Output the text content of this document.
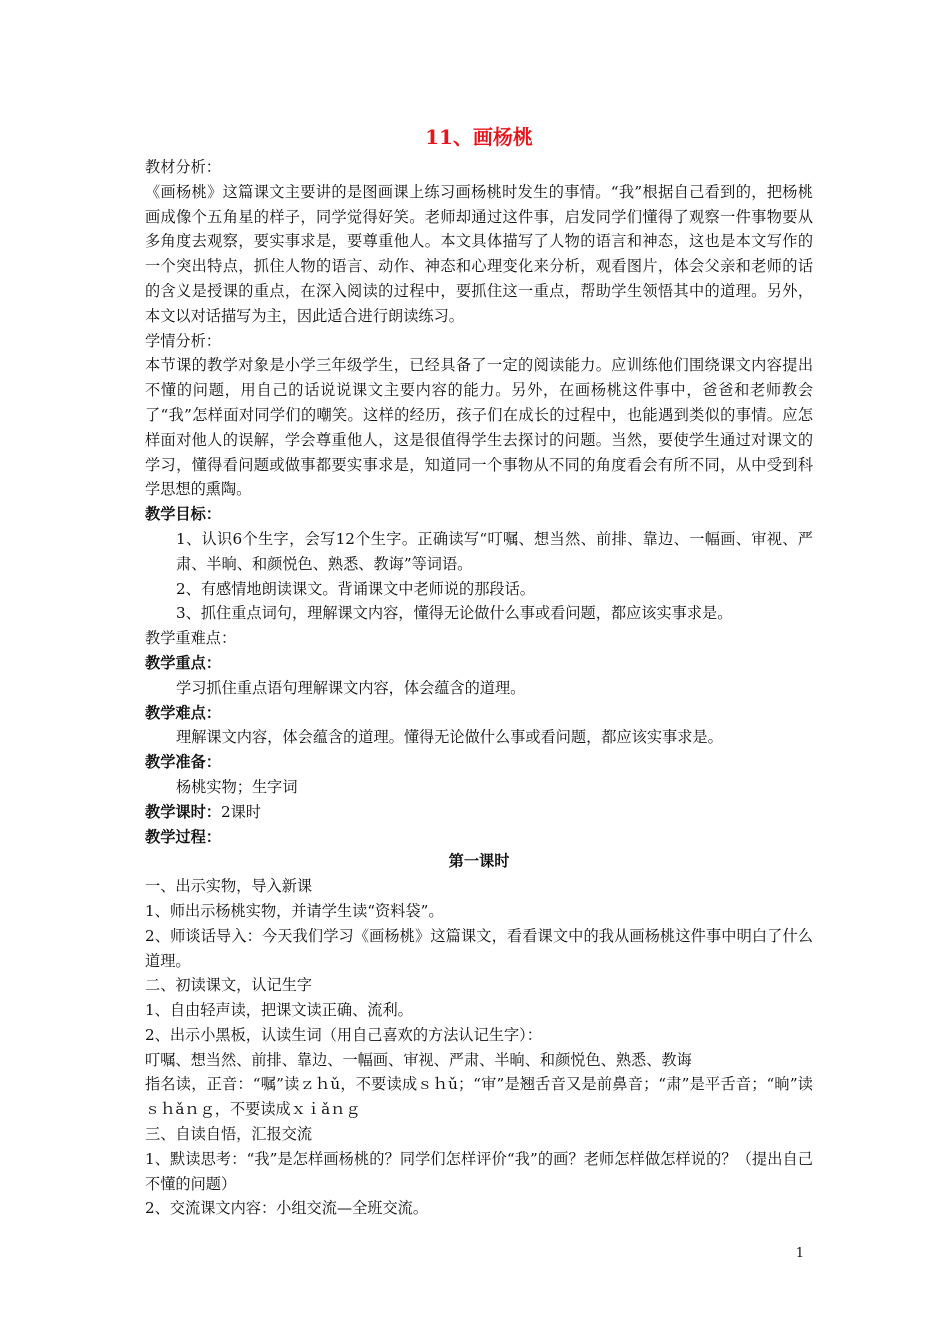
11、画杨桃

教材分析：

《画杨桃》这篇课文主要讲的是图画课上练习画杨桃时发生的事情。“我”根据自己看到的，把杨桃画成像个五角星的样子，同学觉得好笑。老师却通过这件事，启发同学们懂得了观察一件事物要从多角度去观察，要实事求是，要尊重他人。本文具体描写了人物的语言和神态，这也是本文写作的一个突出特点，抓住人物的语言、动作、神态和心理变化来分析，观看图片，体会父亲和老师的话的含义是授课的重点，在深入阅读的过程中，要抓住这一重点，帮助学生领悟其中的道理。另外，本文以对话描写为主，因此适合进行朗读练习。

学情分析：

本节课的教学对象是小学三年级学生，已经具备了一定的阅读能力。应训练他们围绕课文内容提出不懂的问题，用自己的话说说课文主要内容的能力。另外，在画杨桃这件事中，爸爸和老师教会了“我”怎样面对同学们的嘲笑。这样的经历，孩子们在成长的过程中，也能遇到类似的事情。应怎样面对他人的误解，学会尊重他人，这是很值得学生去探讨的问题。当然，要使学生通过对课文的学习，懂得看问题或做事都要实事求是，知道同一个事物从不同的角度看会有所不同，从中受到科学思想的熏陶。

教学目标：

1、认识6个生字，会写12个生字。正确读写“叮嘱、想当然、前排、靠边、一幅画、审视、严肃、半晌、和颜悦色、熟悉、教诲”等词语。

2、有感情地朗读课文。背诵课文中老师说的那段话。

3、抓住重点词句，理解课文内容，懂得无论做什么事或看问题，都应该实事求是。

教学重难点：

教学重点：

学习抓住重点语句理解课文内容，体会蕴含的道理。

教学难点：

理解课文内容，体会蕴含的道理。懂得无论做什么事或看问题，都应该实事求是。

教学准备：

杨桃实物；生字词

教学课时：2课时

教学过程：

第一课时

一、出示实物，导入新课

1、师出示杨桃实物，并请学生读“资料袋”。

2、师谈话导入：今天我们学习《画杨桃》这篇课文，看看课文中的我从画杨桃这件事中明白了什么道理。

二、初读课文，认记生字

1、自由轻声读，把课文读正确、流利。

2、出示小黑板，认读生词（用自己喜欢的方法认记生字）：

叮嘱、想当然、前排、靠边、一幅画、审视、严肃、半晌、和颜悦色、熟悉、教诲

指名读，正音：“嘱”读ｚｈǔ，不要读成ｓｈǔ；“审”是翘舌音又是前鼻音；“肃”是平舌音；“晌”读ｓｈǎｎｇ，不要读成ｘｉǎｎｇ

三、自读自悟，汇报交流

1、默读思考：“我”是怎样画杨桃的？同学们怎样评价“我”的画？老师怎样做怎样说的？（提出自己不懂的问题）

2、交流课文内容：小组交流—全班交流。

1
